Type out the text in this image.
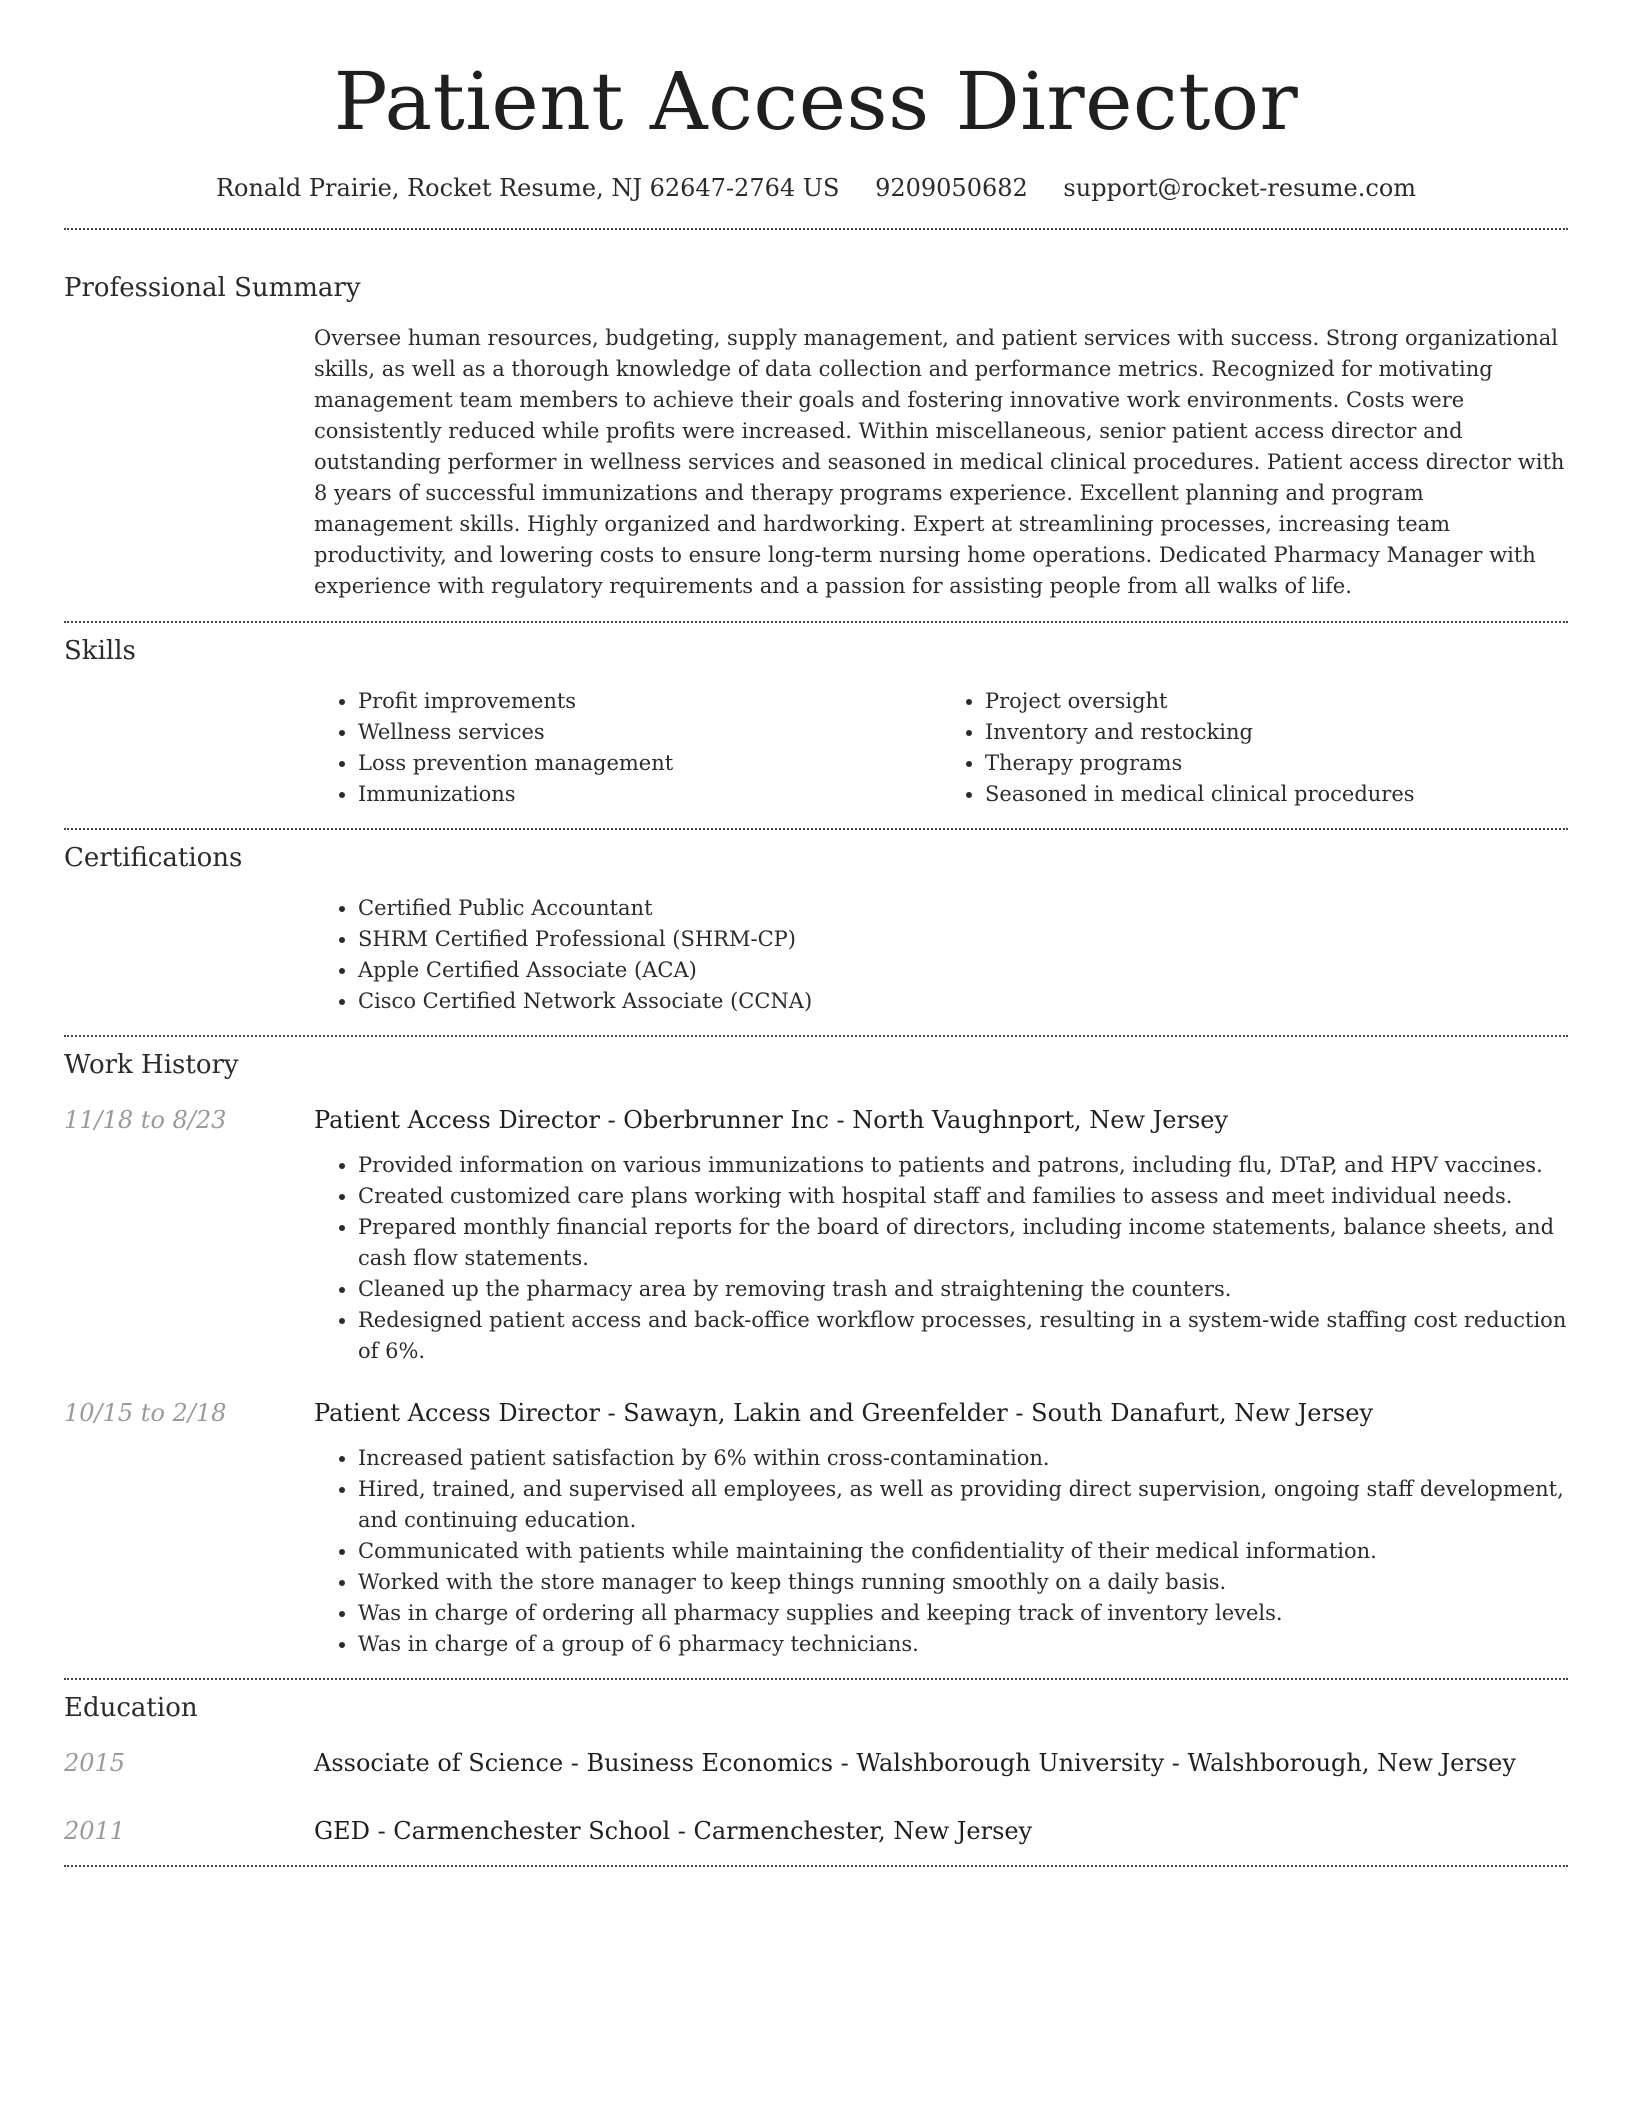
Patient Access Director
Ronald Prairie, Rocket Resume, NJ 62647-2764 US 9209050682 support@rocket-resume.com
Professional Summary

Oversee human resources, budgeting, supply management, and patient services with success. Strong organizational skills, as well as a thorough knowledge of data collection and performance metrics. Recognized for motivating management team members to achieve their goals and fostering innovative work environments. Costs were consistently reduced while profits were increased. Within miscellaneous, senior patient access director and outstanding performer in wellness services and seasoned in medical clinical procedures. Patient access director with 8 years of successful immunizations and therapy programs experience. Excellent planning and program management skills. Highly organized and hardworking. Expert at streamlining processes, increasing team productivity, and lowering costs to ensure long-term nursing home operations. Dedicated Pharmacy Manager with experience with regulatory requirements and a passion for assisting people from all walks of life.

Skills
• Profit improvements
• Wellness services
• Loss prevention management
• Immunizations
• Project oversight
• Inventory and restocking
• Therapy programs
• Seasoned in medical clinical procedures
Certifications
• Certified Public Accountant
• SHRM Certified Professional (SHRM-CP)
• Apple Certified Associate (ACA)
• Cisco Certified Network Associate (CCNA)
Work History
11/18 to 8/23	Patient Access Director - Oberbrunner Inc - North Vaughnport, New Jersey
• Provided information on various immunizations to patients and patrons, including flu, DTaP, and HPV vaccines.
• Created customized care plans working with hospital staff and families to assess and meet individual needs.
• Prepared monthly financial reports for the board of directors, including income statements, balance sheets, and cash flow statements.
• Cleaned up the pharmacy area by removing trash and straightening the counters.
• Redesigned patient access and back-office workflow processes, resulting in a system-wide staffing cost reduction of 6%.
10/15 to 2/18	Patient Access Director - Sawayn, Lakin and Greenfelder - South Danafurt, New Jersey
• Increased patient satisfaction by 6% within cross-contamination.
• Hired, trained, and supervised all employees, as well as providing direct supervision, ongoing staff development, and continuing education.
• Communicated with patients while maintaining the confidentiality of their medical information.
• Worked with the store manager to keep things running smoothly on a daily basis.
• Was in charge of ordering all pharmacy supplies and keeping track of inventory levels.
• Was in charge of a group of 6 pharmacy technicians.
Education
2015	Associate of Science - Business Economics - Walshborough University - Walshborough, New Jersey
2011	GED - Carmenchester School - Carmenchester, New Jersey
